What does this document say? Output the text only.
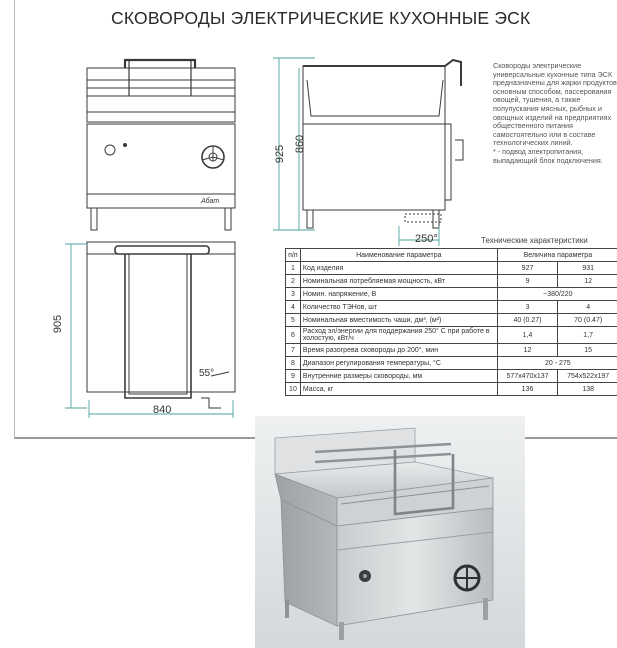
СКОВОРОДЫ ЭЛЕКТРИЧЕСКИЕ КУХОННЫЕ ЭСК
Абат
925
860
250°
905
840
55°

Сковороды электрические универсальные кухонные типа ЭСК предназначены для жарки продуктов основным способом, пассерования овощей, тушения, а также полупускания мясных, рыбных и овощных изделий на предприятиях общественного питания самостоятельно или в составе технологических линий.

* - подвод электропитания, выпадающий блок подключения.

Технические характеристики
п/п	Наименование параметра	Величина параметра	
1	Код изделия	927	931
2	Номинальная потребляемая мощность, кВт	9	12
3	Номин. напряжение, В	~380/220	
4	Количество ТЭНов, шт	3	4
5	Номинальная вместимость чаши, дм³, (м²)	40 (0.27)	70 (0.47)
6	Расход эл/энергии для поддержания 250° С при работе в холостую, кВт/ч	1,4	1,7
7	Время разогрева сковороды до 200°, мин	12	15
8	Диапазон регулирования температуры, °С	20 - 275	
9	Внутренние размеры сковороды, мм	577х470х137	754х522х197
10	Масса, кг	136	138
